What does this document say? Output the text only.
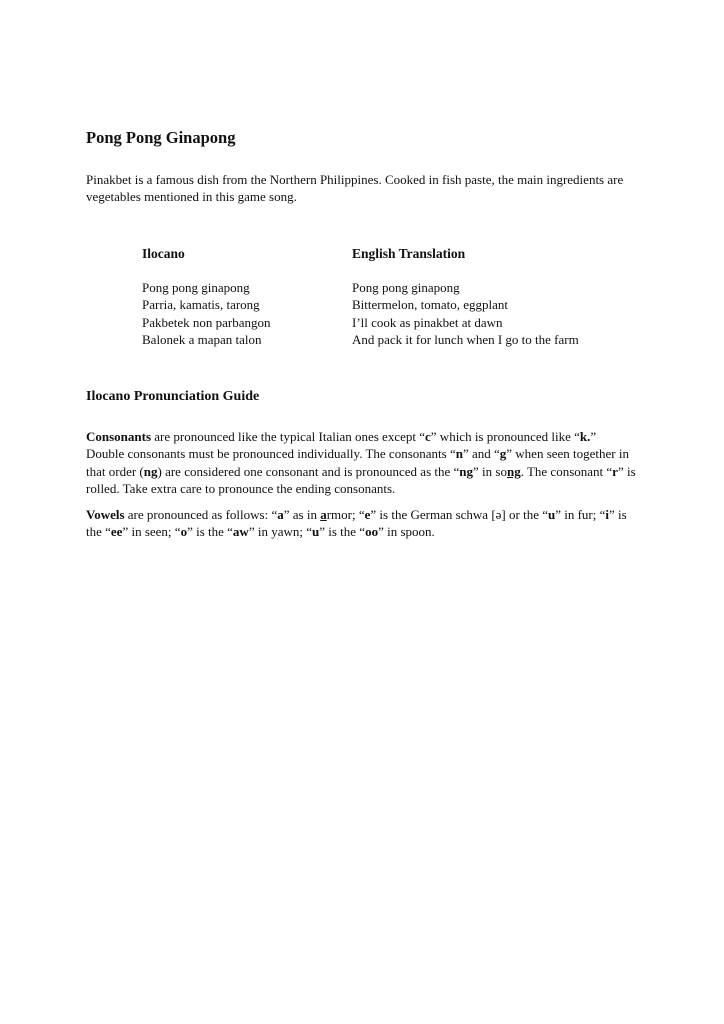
Pong Pong Ginapong

Pinakbet is a famous dish from the Northern Philippines. Cooked in fish paste, the main ingredients are vegetables mentioned in this game song.

Ilocano	English Translation
Pong pong ginapong	Pong pong ginapong
Parria, kamatis, tarong	Bittermelon, tomato, eggplant
Pakbetek non parbangon	I’ll cook as pinakbet at dawn
Balonek a mapan talon	And pack it for lunch when I go to the farm
Ilocano Pronunciation Guide

Consonants are pronounced like the typical Italian ones except “c” which is pronounced like “k.” Double consonants must be pronounced individually. The consonants “n” and “g” when seen together in that order (ng) are considered one consonant and is pronounced as the “ng” in song. The consonant “r” is rolled. Take extra care to pronounce the ending consonants.

Vowels are pronounced as follows: “a” as in armor; “e” is the German schwa [ə] or the “u” in fur; “i” is the “ee” in seen; “o” is the “aw” in yawn; “u” is the “oo” in spoon.
